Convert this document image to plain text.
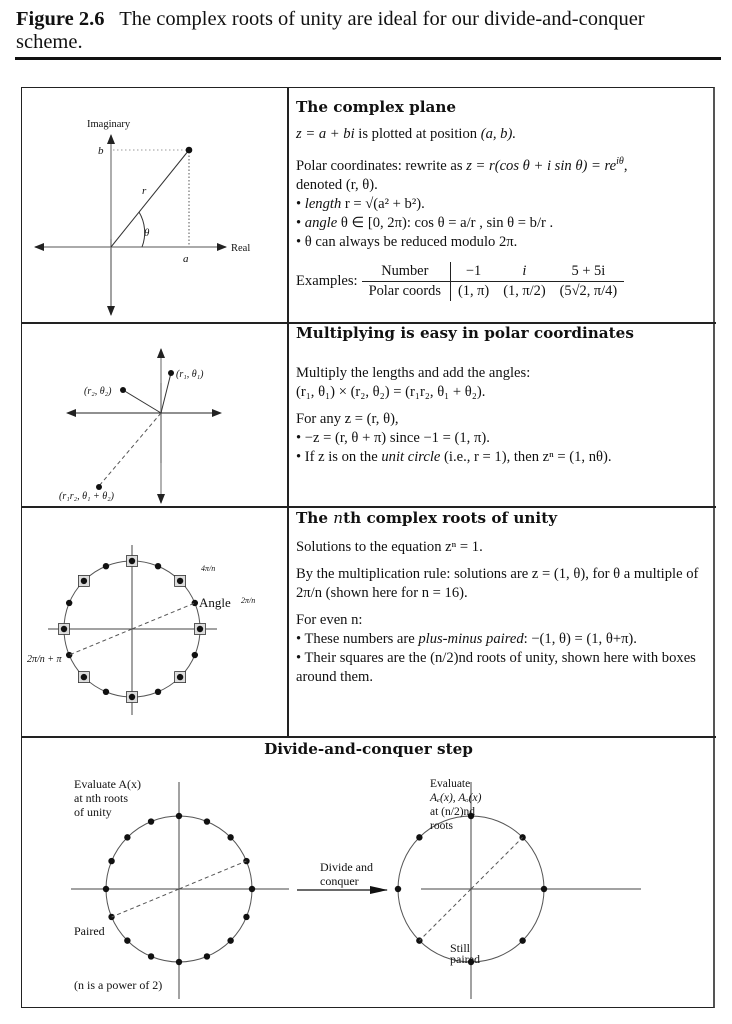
Figure 2.6 The complex roots of unity are ideal for our divide-and-conquer scheme.
Imaginary
Real
b
a
r
θ
The complex plane

z = a + bi is plotted at position (a, b).

Polar coordinates: rewrite as z = r(cos θ + i $\sin \theta) = re^{i\theta}$,

denoted (r, θ).

• length r = √(a² + b²).

• angle θ ∈ [0, 2π): cos θ = a/r , sin θ = b/r .

• θ can always be reduced modulo 2π.

Examples:
Number	−1	i	5 + 5i
Polar coords	(1, π)	(1, π/2)	(5√2, π/4)
(r₁, θ₁)
(r₂, θ₂)
(r₁r₂, θ₁ + θ₂)
Multiplying is easy in polar coordinates

Multiply the lengths and add the angles:

(r₁, θ₁) × (r₂, θ₂) = (r₁r₂, θ₁ + θ₂).

For any z = (r, θ),

• −z = (r, θ + π) since −1 = (1, π).

• If z is on the unit circle (i.e., r = 1), then zⁿ = (1, nθ).

4π/n
Angle 2π/n
2π/n + π
The nth complex roots of unity

Solutions to the equation zⁿ = 1.

By the multiplication rule: solutions are z = (1, θ), for θ a multiple of 2π/n (shown here for n = 16).

For even n:

• These numbers are plus-minus paired: −(1, θ) = (1, θ+π).

• Their squares are the (n/2)nd roots of unity, shown here with boxes around them.

Divide-and-conquer step
Evaluate A(x)
at nth roots
of unity
Paired
(n is a power of 2)
Divide and
conquer
Evaluate
Aₑ(x), Aₒ(x)
at (n/2)nd
roots
Still
paired
